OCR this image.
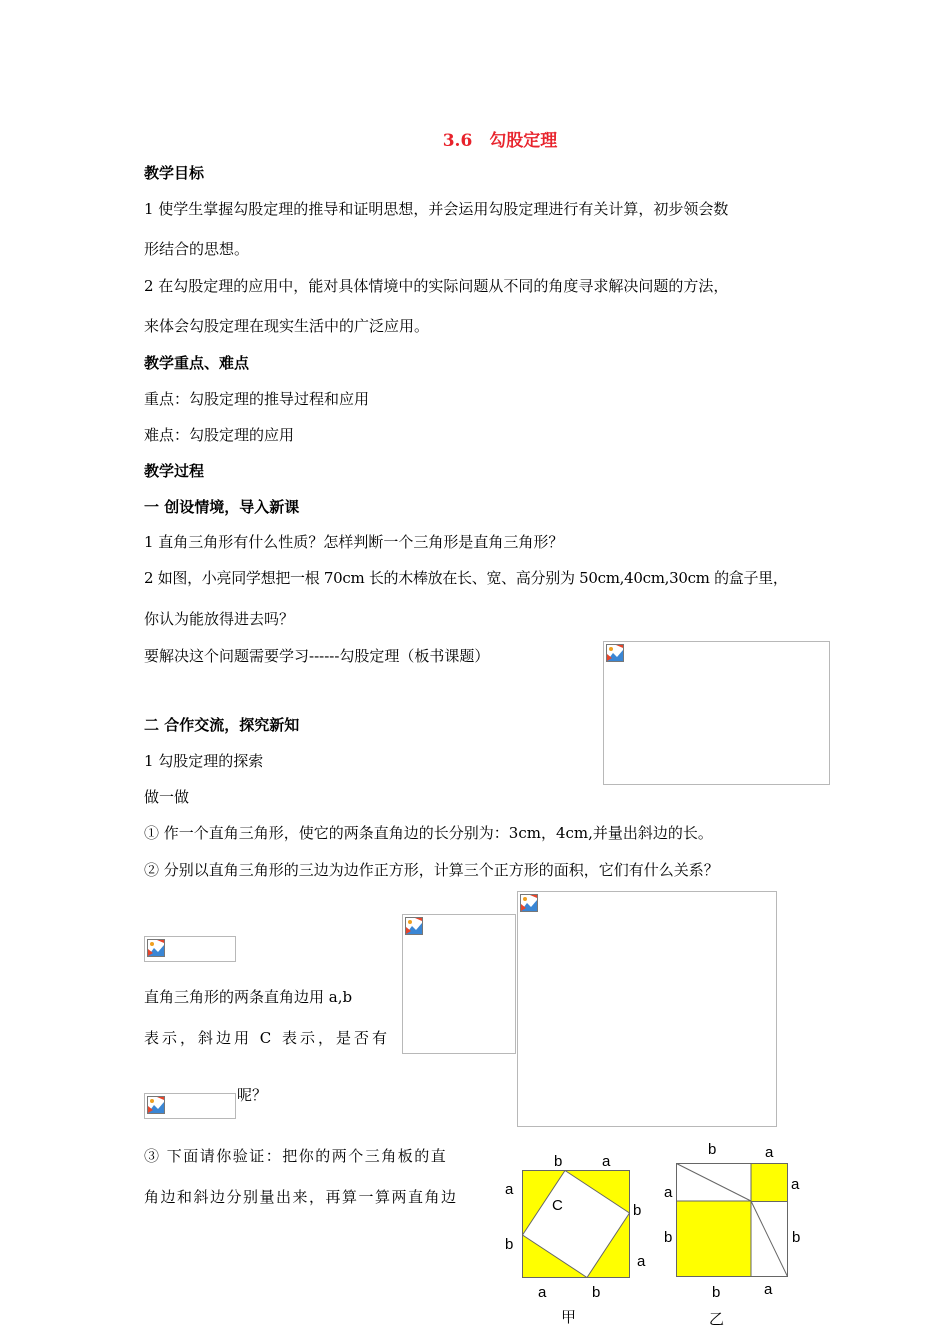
3.6　勾股定理
教学目标
1 使学生掌握勾股定理的推导和证明思想，并会运用勾股定理进行有关计算，初步领会数
形结合的思想。
2 在勾股定理的应用中，能对具体情境中的实际问题从不同的角度寻求解决问题的方法，
来体会勾股定理在现实生活中的广泛应用。
教学重点、难点
重点：勾股定理的推导过程和应用
难点：勾股定理的应用
教学过程
一 创设情境，导入新课
1 直角三角形有什么性质？怎样判断一个三角形是直角三角形？
2 如图，小亮同学想把一根 70cm 长的木棒放在长、宽、高分别为 50cm,40cm,30cm 的盒子里，
你认为能放得进去吗？
要解决这个问题需要学习------勾股定理（板书课题）
二 合作交流，探究新知
1 勾股定理的探索
做一做
① 作一个直角三角形，使它的两条直角边的长分别为：3cm，4cm,并量出斜边的长。
② 分别以直角三角形的三边为边作正方形，计算三个正方形的面积，它们有什么关系？
直角三角形的两条直角边用 a,b
表示，斜边用 C 表示，是否有
呢？
③ 下面请你验证：把你的两个三角板的直
角边和斜边分别量出来，再算一算两直角边
b	a
a
b
b
a
a	b
C
甲
b	a
a
a
b	b
b	a
乙
